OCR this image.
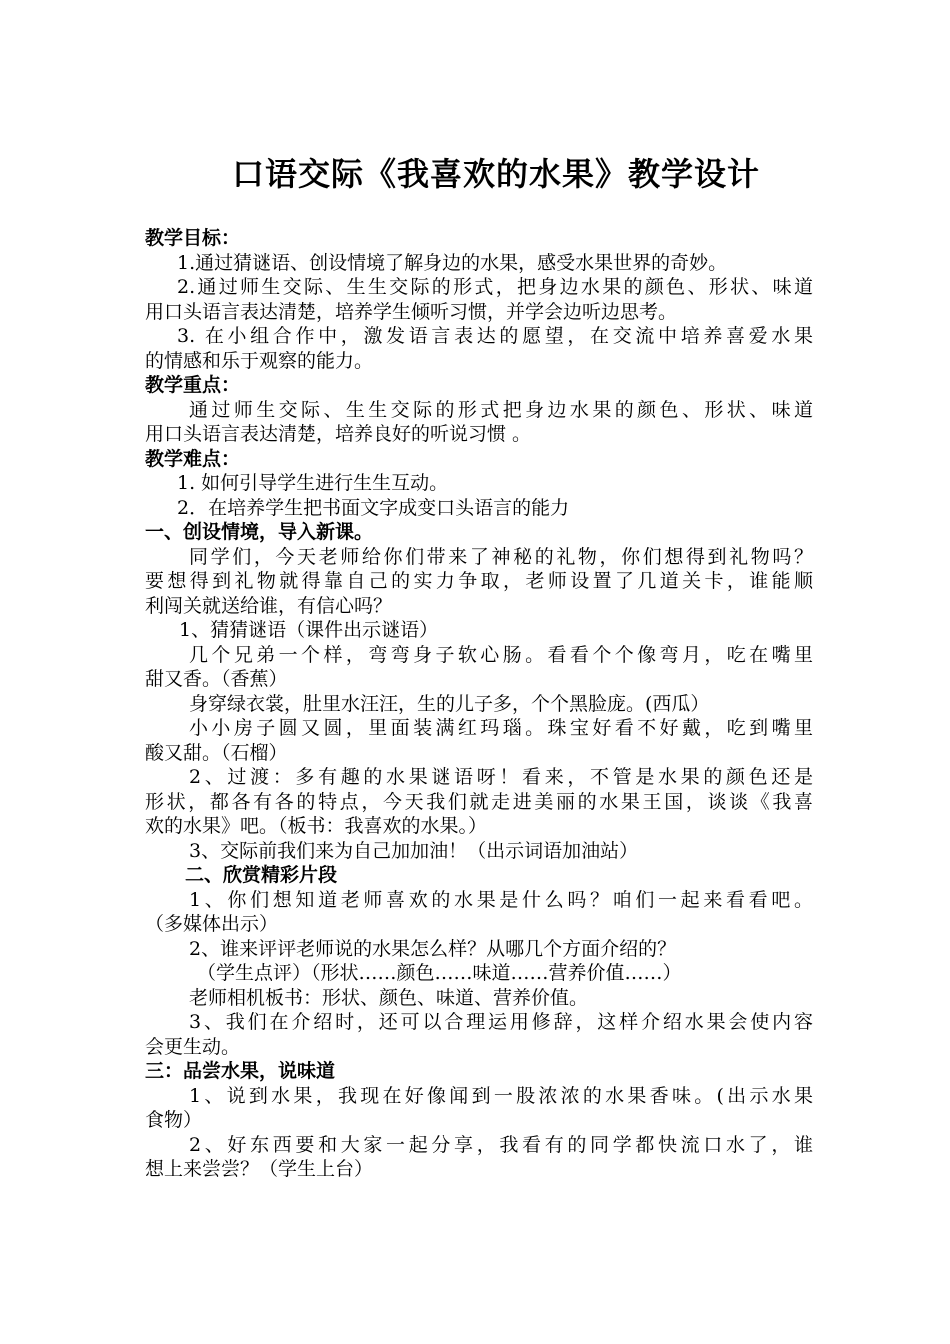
口语交际《我喜欢的水果》教学设计
教学目标：
1.通过猜谜语、创设情境了解身边的水果，感受水果世界的奇妙。
2.通过师生交际、生生交际的形式，把身边水果的颜色、形状、味道
用口头语言表达清楚，培养学生倾听习惯，并学会边听边思考。
3. 在小组合作中，激发语言表达的愿望，在交流中培养喜爱水果
的情感和乐于观察的能力。
教学重点：
通过师生交际、生生交际的形式把身边水果的颜色、形状、味道
用口头语言表达清楚，培养良好的听说习惯 。
教学难点：
1. 如何引导学生进行生生互动。
2．在培养学生把书面文字成变口头语言的能力
一、创设情境，导入新课。
同学们，今天老师给你们带来了神秘的礼物，你们想得到礼物吗？
要想得到礼物就得靠自己的实力争取，老师设置了几道关卡，谁能顺
利闯关就送给谁，有信心吗？
1、猜猜谜语（课件出示谜语）
几个兄弟一个样，弯弯身子软心肠。看看个个像弯月，吃在嘴里
甜又香。（香蕉）
身穿绿衣裳，肚里水汪汪，生的儿子多，个个黑脸庞。(西瓜）
小小房子圆又圆，里面装满红玛瑙。珠宝好看不好戴，吃到嘴里
酸又甜。（石榴）
2、过渡：多有趣的水果谜语呀！看来，不管是水果的颜色还是
形状，都各有各的特点，今天我们就走进美丽的水果王国，谈谈《我喜
欢的水果》吧。（板书：我喜欢的水果。）
3、交际前我们来为自己加加油！（出示词语加油站）
二、欣赏精彩片段
1、你们想知道老师喜欢的水果是什么吗？咱们一起来看看吧。
（多媒体出示）
2、谁来评评老师说的水果怎么样？从哪几个方面介绍的？
（学生点评）（形状……颜色……味道……营养价值……）
老师相机板书：形状、颜色、味道、营养价值。
3、我们在介绍时，还可以合理运用修辞，这样介绍水果会使内容
会更生动。
三：品尝水果，说味道
1、说到水果，我现在好像闻到一股浓浓的水果香味。(出示水果
食物）
2、好东西要和大家一起分享，我看有的同学都快流口水了，谁
想上来尝尝？（学生上台）
